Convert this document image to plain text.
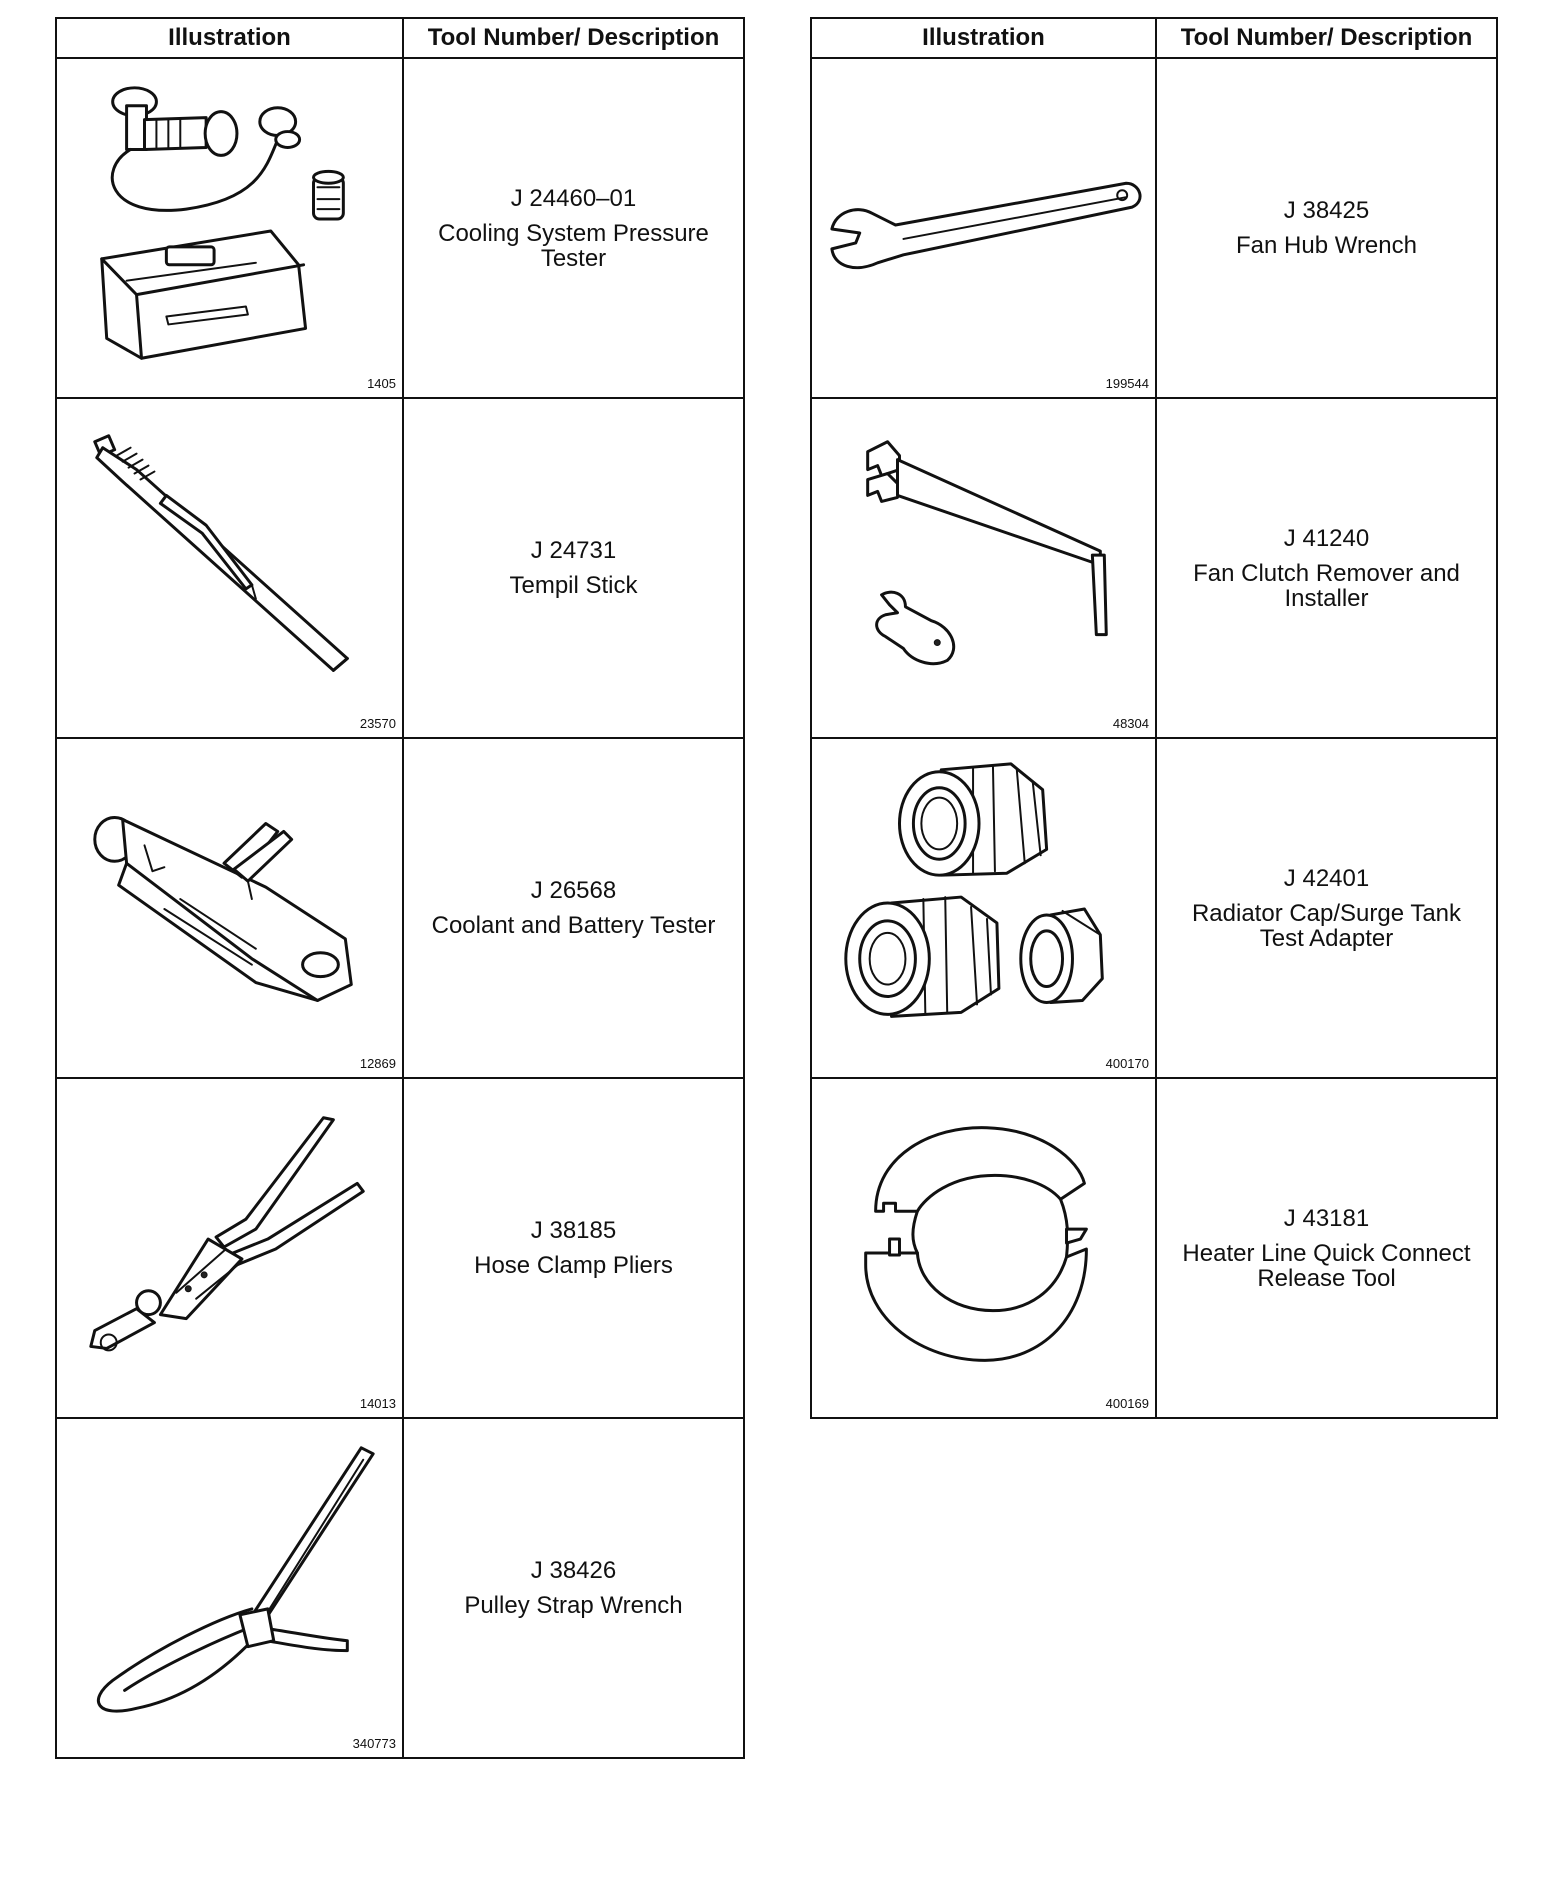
Illustration	Tool Number/ Description

1405	J 24460–01
Cooling System Pressure Tester

23570	J 24731
Tempil Stick

12869	J 26568
Coolant and Battery Tester

14013	J 38185
Hose Clamp Pliers

340773	J 38426
Pulley Strap Wrench
Illustration	Tool Number/ Description

199544	J 38425
Fan Hub Wrench

48304	J 41240
Fan Clutch Remover and Installer

400170	J 42401
Radiator Cap/Surge Tank Test Adapter

400169	J 43181
Heater Line Quick Connect Release Tool
